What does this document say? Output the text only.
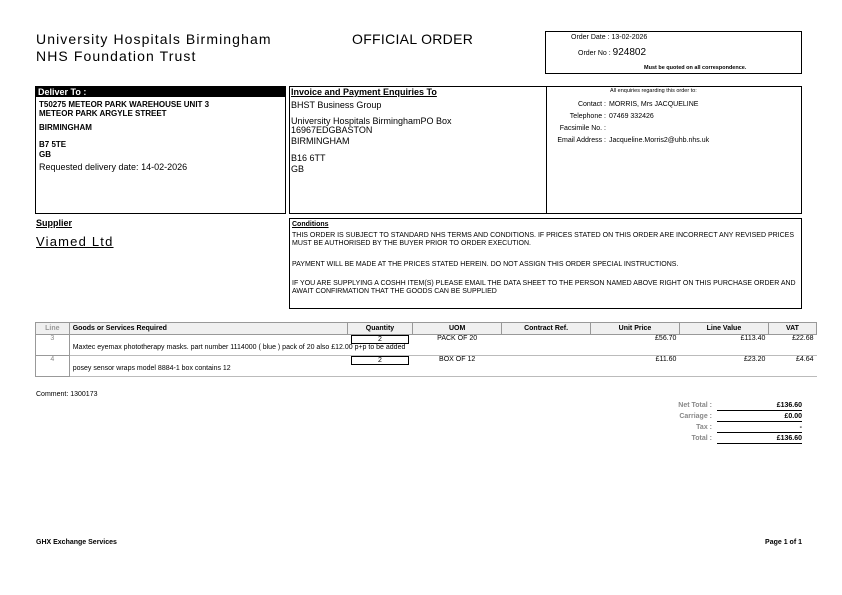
University Hospitals Birmingham
NHS Foundation Trust
OFFICIAL ORDER	Order Date : 13-02-2026
Order No : 924802
Must be quoted on all correspondence.
Deliver To :
T50275 METEOR PARK WAREHOUSE UNIT 3
METEOR PARK ARGYLE STREET
BIRMINGHAM
B7 5TE
GB
Requested delivery date: 14-02-2026
Invoice and Payment Enquiries To
BHST Business Group
University Hospitals BirminghamPO Box
16967EDGBASTON
BIRMINGHAM
B16 6TT
GB
All enquiries regarding this order to:
Contact : MORRIS, Mrs JACQUELINE
Telephone : 07469 332426
Facsimile No. :
Email Address : Jacqueline.Morris2@uhb.nhs.uk
Supplier
Viamed Ltd
Conditions
THIS ORDER IS SUBJECT TO STANDARD NHS TERMS AND CONDITIONS. IF PRICES STATED ON THIS ORDER ARE INCORRECT ANY REVISED PRICES MUST BE AUTHORISED BY THE BUYER PRIOR TO ORDER EXECUTION.
PAYMENT WILL BE MADE AT THE PRICES STATED HEREIN. DO NOT ASSIGN THIS ORDER SPECIAL INSTRUCTIONS.
IF YOU ARE SUPPLYING A COSHH ITEM(S) PLEASE EMAIL THE DATA SHEET TO THE PERSON NAMED ABOVE RIGHT ON THIS PURCHASE ORDER AND AWAIT CONFIRMATION THAT THE GOODS CAN BE SUPPLIED
Line	Goods or Services Required	Quantity	UOM	Contract Ref.	Unit Price	Line Value	VAT
3		2	PACK OF 20		£56.70	£113.40	£22.68
	Maxtec eyemax phototherapy masks. part number 1114000 ( blue ) pack of 20 also £12.00 p+p to be added						
4		2	BOX OF 12		£11.60	£23.20	£4.64
	posey sensor wraps model 8884-1 box contains 12						
Comment: 1300173
Net Total :	£136.60
Carriage :	£0.00
Tax :	-
Total :	£136.60
GHX Exchange Services	Page 1 of 1
